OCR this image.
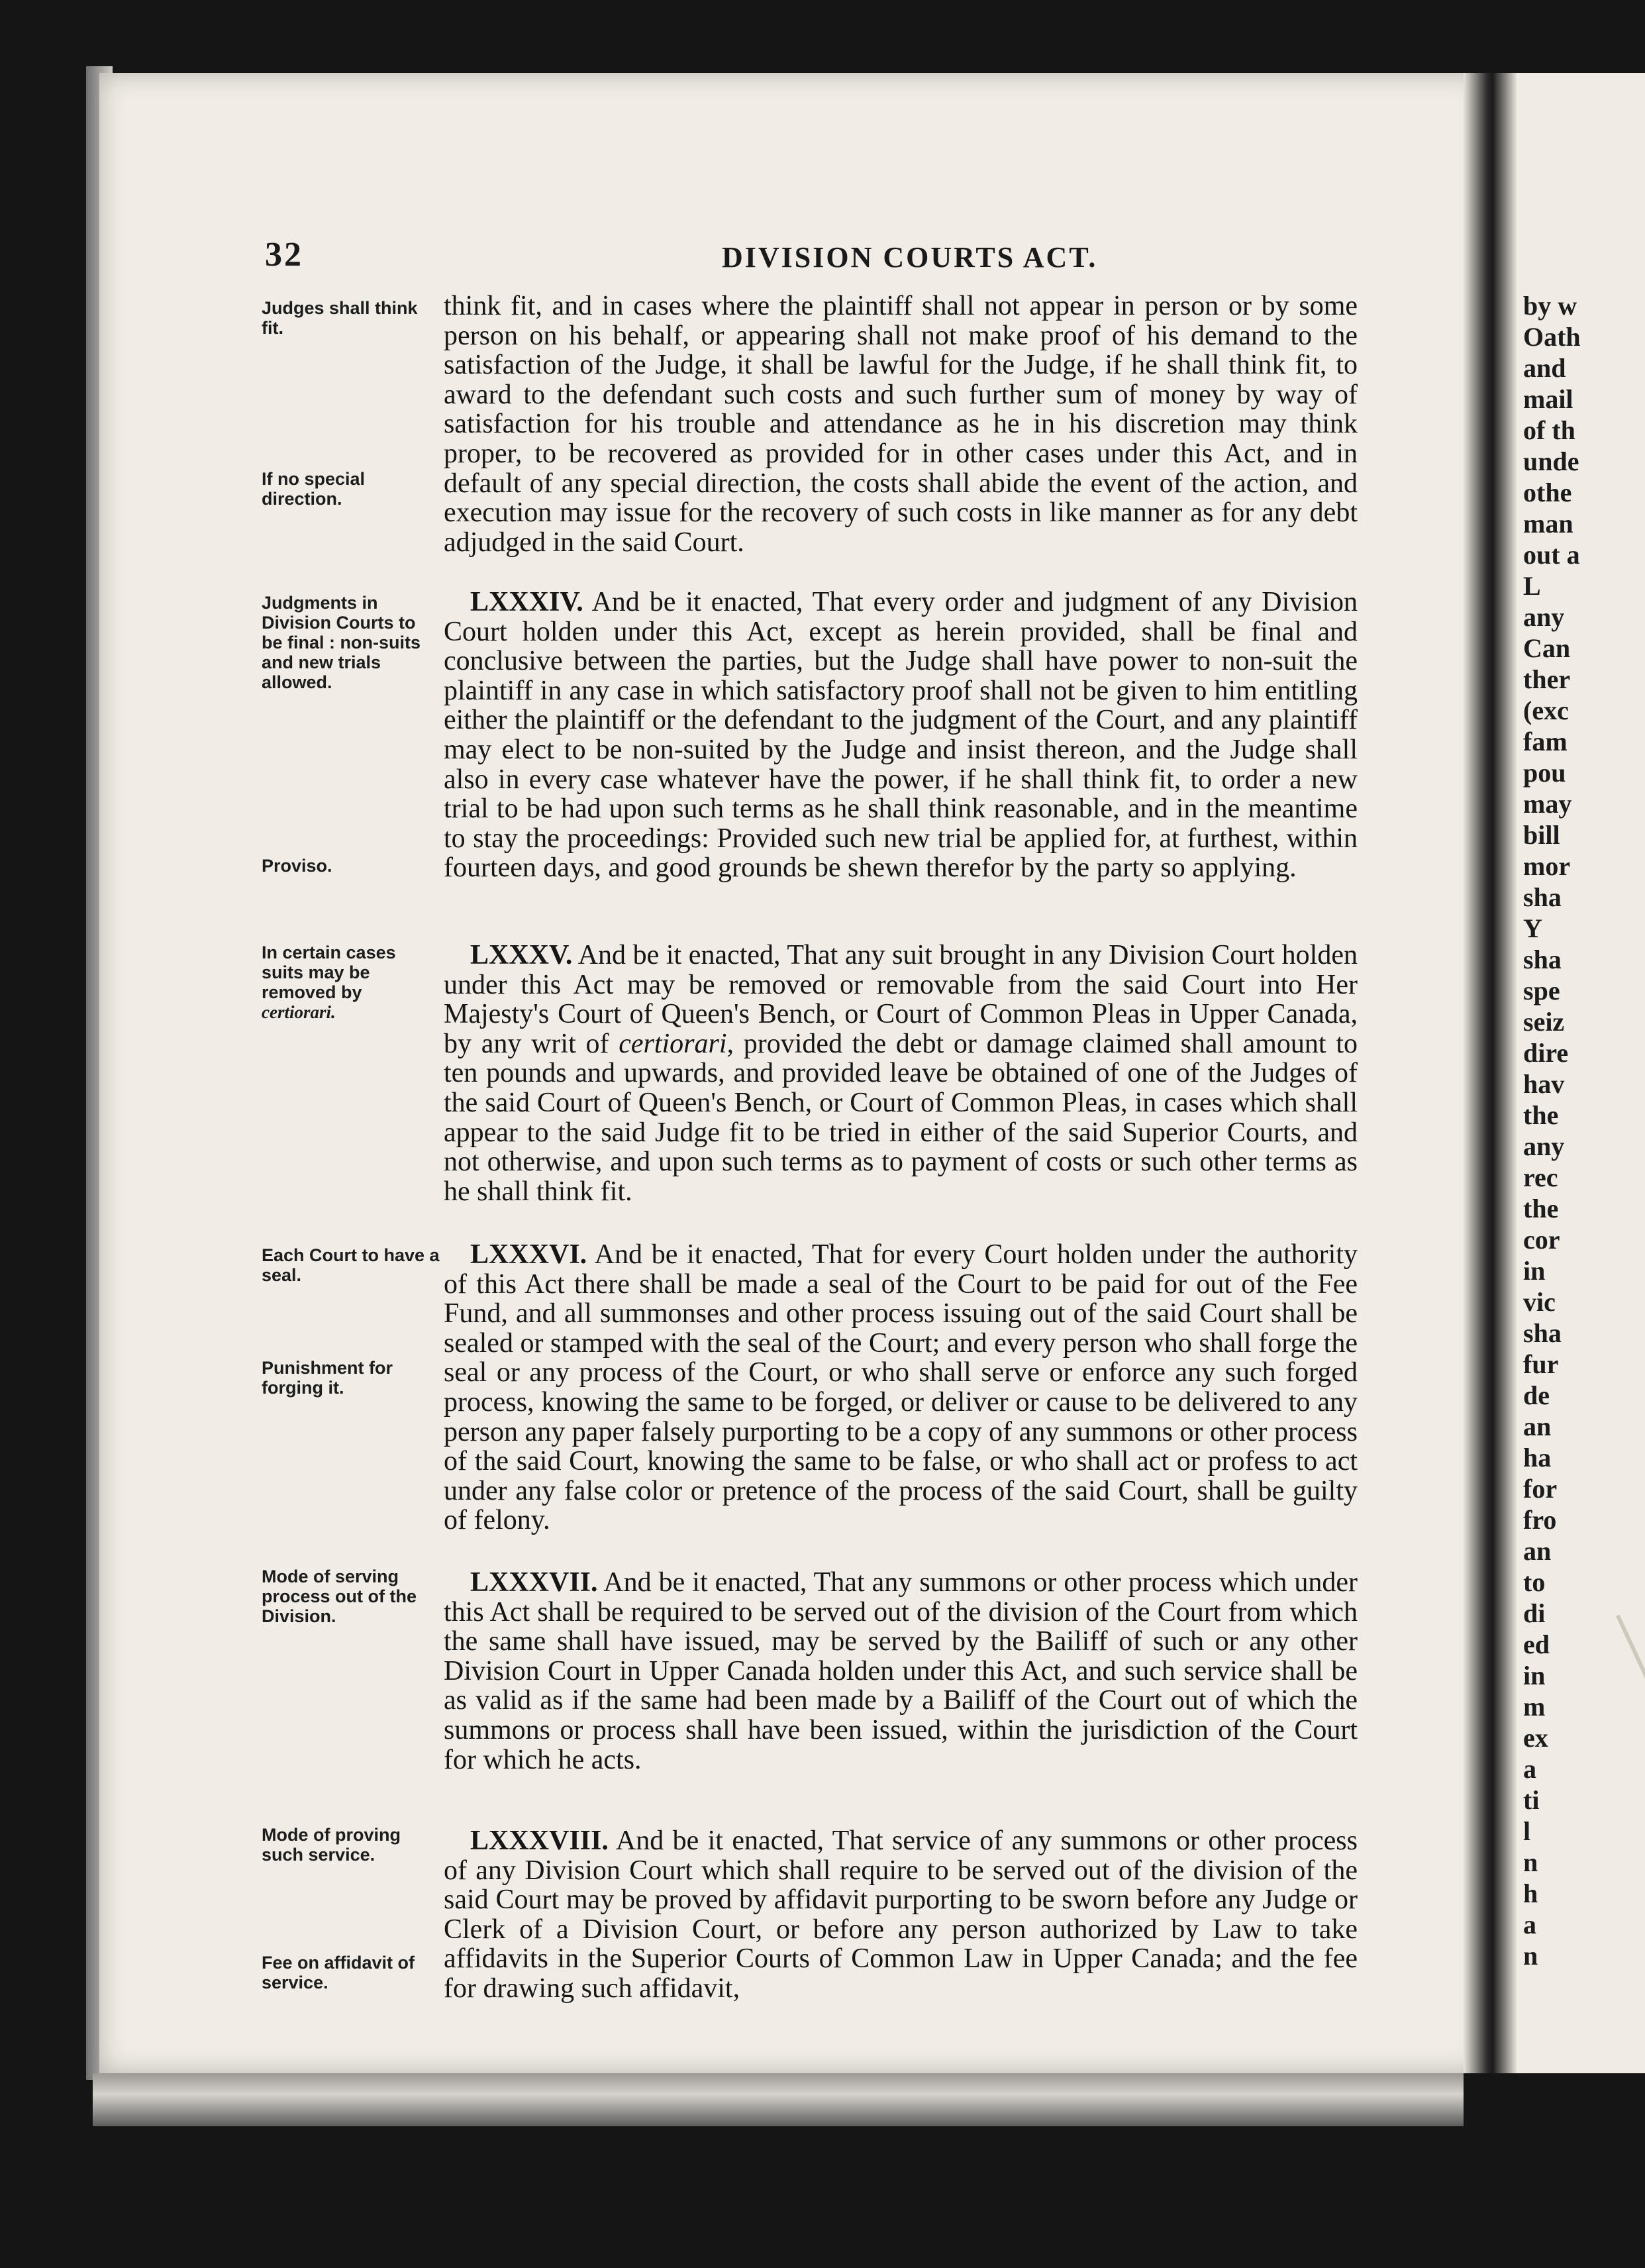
by w
Oath
and
mail
of th
unde
othe
man
out a
L
any
Can
ther
(exc
fam
pou
may
bill
mor
sha
Y
sha
spe
seiz
dire
hav
the
any
rec
the
cor
in
vic
sha
fur
de
an
ha
for
fro
an
to
di
ed
in
m
ex
a
ti
l
n
h
a
n
32	DIVISION COURTS ACT.
Judges shall think fit.
If no special direction.
Judgments in Division Courts to be final : non-suits and new trials allowed.
Proviso.
In certain cases suits may be removed by certiorari.
Each Court to have a seal.
Punishment for forging it.
Mode of serving process out of the Division.
Mode of proving such service.
Fee on affidavit of service.
think fit, and in cases where the plaintiff shall not appear in person or by some person on his behalf, or appearing shall not make proof of his demand to the satisfaction of the Judge, it shall be lawful for the Judge, if he shall think fit, to award to the defendant such costs and such further sum of money by way of satisfaction for his trouble and attendance as he in his discretion may think proper, to be recovered as provided for in other cases under this Act, and in default of any special direction, the costs shall abide the event of the action, and execution may issue for the recovery of such costs in like manner as for any debt adjudged in the said Court.
LXXXIV. And be it enacted, That every order and judgment of any Division Court holden under this Act, except as herein provided, shall be final and conclusive between the parties, but the Judge shall have power to non-suit the plaintiff in any case in which satisfactory proof shall not be given to him entitling either the plaintiff or the defendant to the judgment of the Court, and any plaintiff may elect to be non-suited by the Judge and insist thereon, and the Judge shall also in every case whatever have the power, if he shall think fit, to order a new trial to be had upon such terms as he shall think reasonable, and in the meantime to stay the proceedings: Provided such new trial be applied for, at furthest, within fourteen days, and good grounds be shewn therefor by the party so applying.
LXXXV. And be it enacted, That any suit brought in any Division Court holden under this Act may be removed or removable from the said Court into Her Majesty's Court of Queen's Bench, or Court of Common Pleas in Upper Canada, by any writ of certiorari, provided the debt or damage claimed shall amount to ten pounds and upwards, and provided leave be obtained of one of the Judges of the said Court of Queen's Bench, or Court of Common Pleas, in cases which shall appear to the said Judge fit to be tried in either of the said Superior Courts, and not otherwise, and upon such terms as to payment of costs or such other terms as he shall think fit.
LXXXVI. And be it enacted, That for every Court holden under the authority of this Act there shall be made a seal of the Court to be paid for out of the Fee Fund, and all summonses and other process issuing out of the said Court shall be sealed or stamped with the seal of the Court; and every person who shall forge the seal or any process of the Court, or who shall serve or enforce any such forged process, knowing the same to be forged, or deliver or cause to be delivered to any person any paper falsely purporting to be a copy of any summons or other process of the said Court, knowing the same to be false, or who shall act or profess to act under any false color or pretence of the process of the said Court, shall be guilty of felony.
LXXXVII. And be it enacted, That any summons or other process which under this Act shall be required to be served out of the division of the Court from which the same shall have issued, may be served by the Bailiff of such or any other Division Court in Upper Canada holden under this Act, and such service shall be as valid as if the same had been made by a Bailiff of the Court out of which the summons or process shall have been issued, within the jurisdiction of the Court for which he acts.
LXXXVIII. And be it enacted, That service of any summons or other process of any Division Court which shall require to be served out of the division of the said Court may be proved by affidavit purporting to be sworn before any Judge or Clerk of a Division Court, or before any person authorized by Law to take affidavits in the Superior Courts of Common Law in Upper Canada; and the fee for drawing such affidavit,
